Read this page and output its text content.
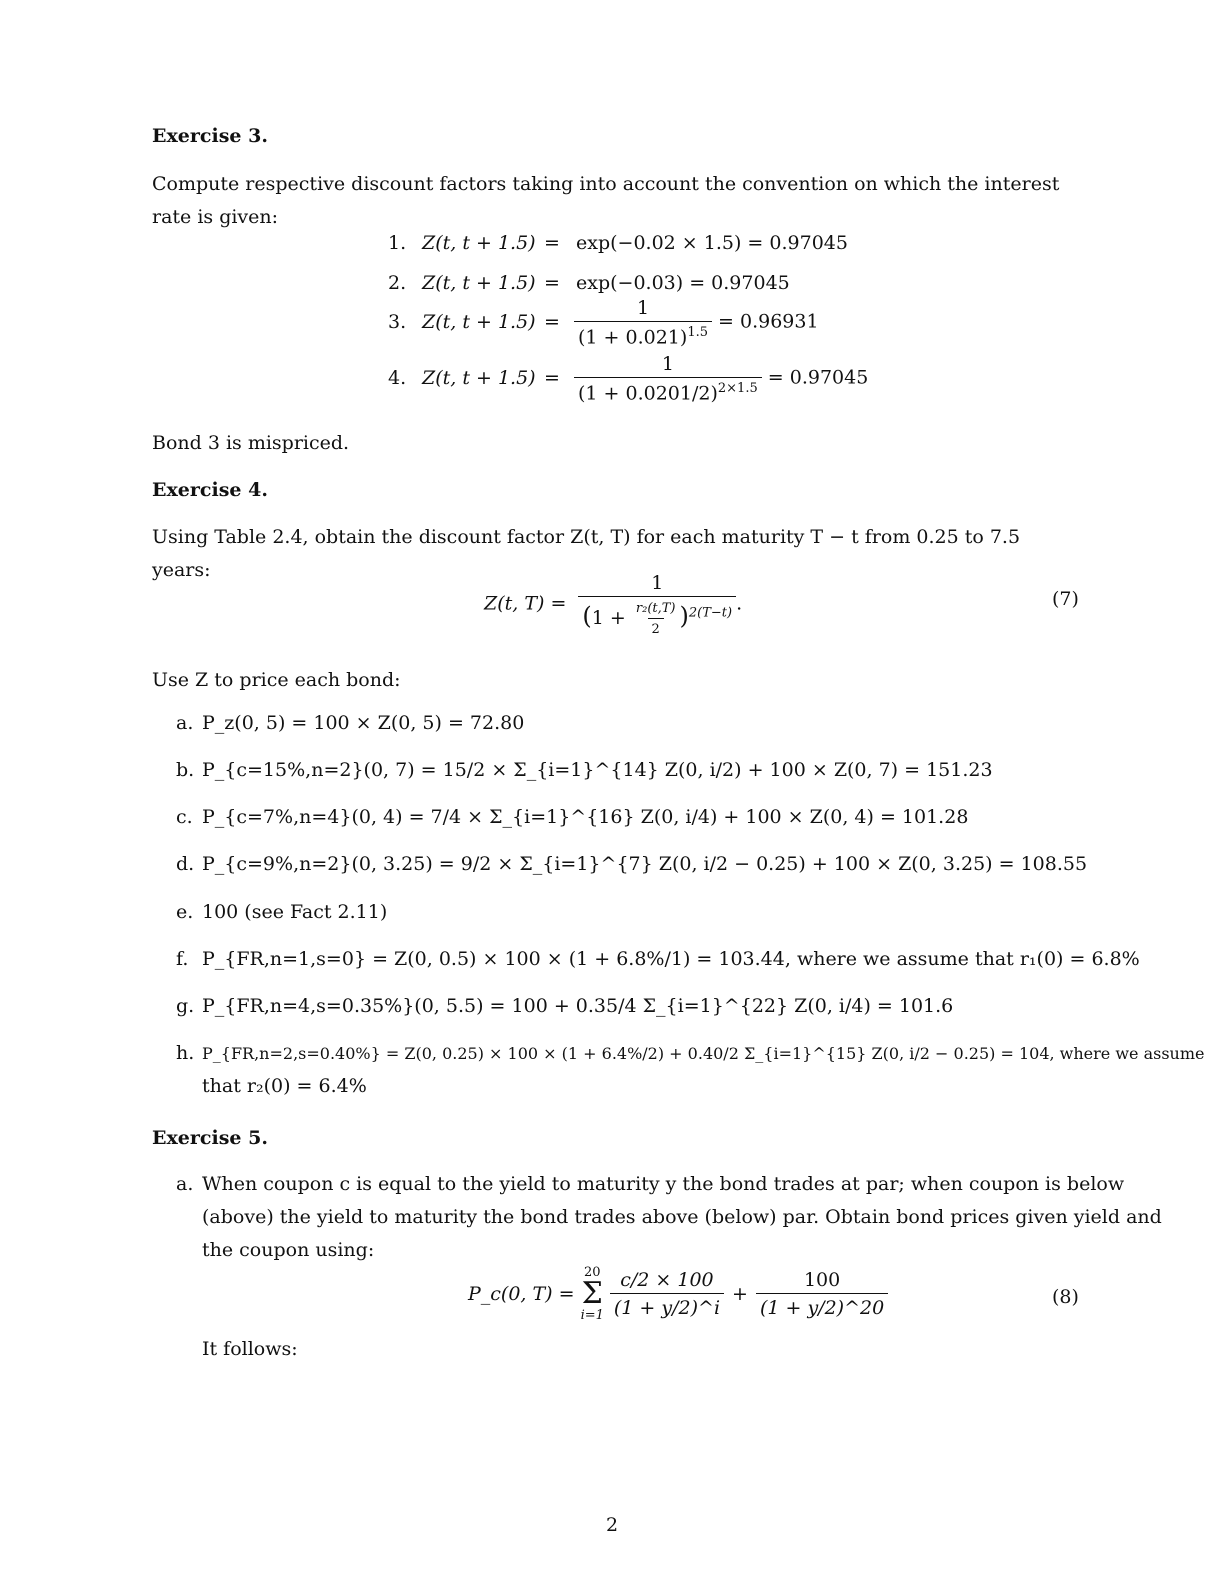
Exercise 3.
Compute respective discount factors taking into account the convention on which the interest rate is given:
1. Z(t, t + 1.5) = exp(−0.02 × 1.5) = 0.97045
2. Z(t, t + 1.5) = exp(−0.03) = 0.97045
3. Z(t, $t + 1.5) = \frac{1}{(1 + 0.021)^{1.5}} = 0.96931$
4. Z(t, $t + 1.5) = \frac{1}{(1 + 0.0201/2)^{2\times 1.5}} = 0.97045$
Bond 3 is mispriced.
Exercise 4.
Using Table 2.4, obtain the discount factor Z(t, T) for each maturity T − t from 0.25 to 7.5 years:
Z(t, $T) = \frac{1}{(1 + \frac{\text{r₂(t,T)}}{2} )^{2(T-t)}}$ .	(7)
Use Z to price each bond:
a. P_z(0, 5) = 100 × Z(0, 5) = 72.80
b. P_{c=15%,n=2}(0, 7) = 15/2 × Σ_{i=1}^{14} Z(0, i/2) + 100 × Z(0, 7) = 151.23
c. P_{c=7%,n=4}(0, 4) = 7/4 × Σ_{i=1}^{16} Z(0, i/4) + 100 × Z(0, 4) = 101.28
d. P_{c=9%,n=2}(0, 3.25) = 9/2 × Σ_{i=1}^{7} Z(0, i/2 − 0.25) + 100 × Z(0, 3.25) = 108.55
e. 100 (see Fact 2.11)
f. P_{FR,n=1,s=0} = Z(0, 0.5) × 100 × (1 + 6.8%/1) = 103.44, where we assume that r₁(0) = 6.8%
g. P_{FR,n=4,s=0.35%}(0, 5.5) = 100 + 0.35/4 Σ_{i=1}^{22} Z(0, i/4) = 101.6
h. P_{FR,n=2,s=0.40%} = Z(0, 0.25) × 100 × (1 + 6.4%/2) + 0.40/2 Σ_{i=1}^{15} Z(0, i/2 − 0.25) = 104, where we assume
that r₂(0) = 6.4%
Exercise 5.
a. When coupon c is equal to the yield to maturity y the bond trades at par; when coupon is below
(above) the yield to maturity the bond trades above (below) par. Obtain bond prices given yield and
the coupon using:
P_c(0, T) =
20
Σ
$i=1 \frac{c/2 \times 100}{(1 + y/2)\^{}i} + \frac{100}{(1 + y/2)\^{}20}$	(8)
It follows:
2
